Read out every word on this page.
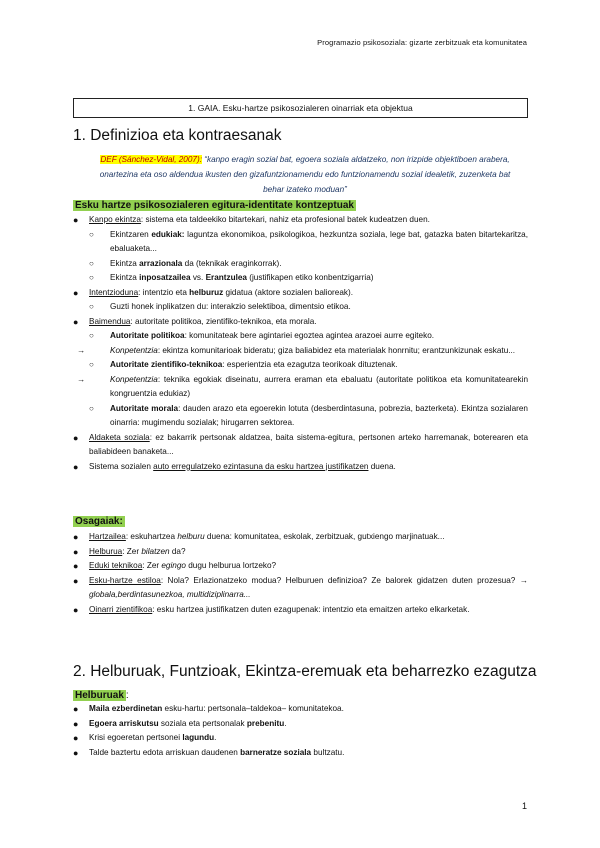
Programazio psikosoziala: gizarte zerbitzuak eta komunitatea
1. GAIA. Esku-hartze psikosozialeren oinarriak eta objektua
1. Definizioa eta kontraesanak
DEF (Sánchez-Vidal, 2007): “kanpo eragin sozial bat, egoera soziala aldatzeko, non irizpide objektiboen arabera, onartezina eta oso aldendua ikusten den gizafuntzionamendu edo funtzionamendu sozial idealetik, zuzenketa bat behar izateko moduan”
Esku hartze psikosozialeren egitura-identitate kontzeptuak
● Kanpo ekintza: sistema eta taldeekiko bitartekari, nahiz eta profesional batek kudeatzen duen.
○ Ekintzaren edukiak: laguntza ekonomikoa, psikologikoa, hezkuntza soziala, lege bat, gatazka baten bitartekaritza, ebaluaketa...
○ Ekintza arrazionala da (teknikak eraginkorrak).
○ Ekintza inposatzailea vs. Erantzulea (justifikapen etiko konbentzigarria)
● Intentzioduna: intentzio eta helburuz gidatua (aktore sozialen balioreak).
○ Guzti honek inplikatzen du: interakzio selektiboa, dimentsio etikoa.
● Baimendua: autoritate politikoa, zientifiko-teknikoa, eta morala.
○ Autoritate politikoa: komunitateak bere agintariei egoztea agintea arazoei aurre egiteko.
→	Konpetentzia: ekintza komunitarioak bideratu; giza baliabidez eta materialak honrnitu; erantzunkizunak eskatu...
○ Autoritate zientifiko-teknikoa: esperientzia eta ezagutza teorikoak dituztenak.
→	Konpetentzia: teknika egokiak diseinatu, aurrera eraman eta ebaluatu (autoritate politikoa eta komunitatearekin kongruentzia edukiaz)
○ Autoritate morala: dauden arazo eta egoerekin lotuta (desberdintasuna, pobrezia, bazterketa). Ekintza sozialaren oinarria: mugimendu sozialak; hirugarren sektorea.
● Aldaketa soziala: ez bakarrik pertsonak aldatzea, baita sistema-egitura, pertsonen arteko harremanak, boterearen eta baliabideen banaketa...
● Sistema sozialen auto erregulatzeko ezintasuna da esku hartzea justifikatzen duena.
Osagaiak:
● Hartzailea: eskuhartzea helburu duena: komunitatea, eskolak, zerbitzuak, gutxiengo marjinatuak...
● Helburua: Zer bilatzen da?
● Eduki teknikoa: Zer egingo dugu helburua lortzeko?
● Esku-hartze estiloa: Nola? Erlazionatzeko modua? Helburuen definizioa? Ze balorek gidatzen duten prozesua? → globala,berdintasunezkoa, multidiziplinarra...
● Oinarri zientifikoa: esku hartzea justifikatzen duten ezagupenak: intentzio eta emaitzen arteko elkarketak.
2. Helburuak, Funtzioak, Ekintza-eremuak eta beharrezko ezagutza
Helburuak :
● Maila ezberdinetan esku-hartu: pertsonala–taldekoa– komunitatekoa.
● Egoera arriskutsu soziala eta pertsonalak prebenitu.
● Krisi egoeretan pertsonei lagundu.
● Talde baztertu edota arriskuan daudenen barneratze soziala bultzatu.
1
